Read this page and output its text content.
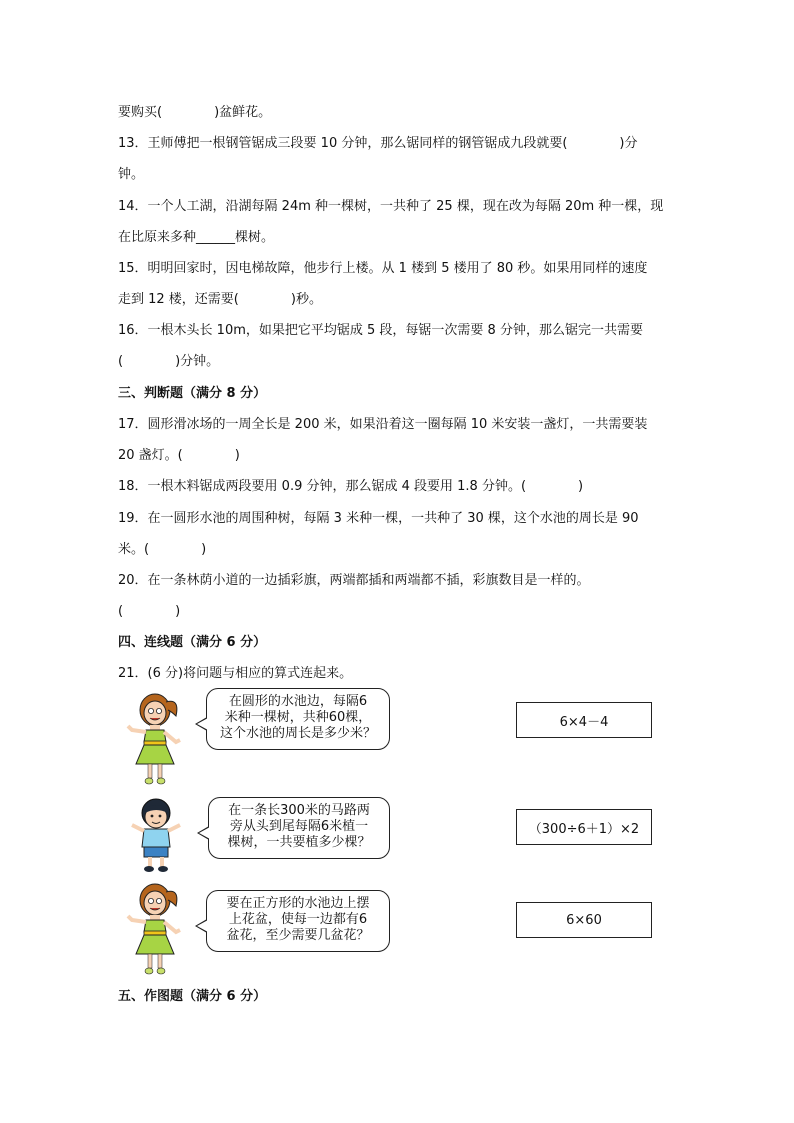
要购买(　　　　)盆鲜花。
13．王师傅把一根钢管锯成三段要 10 分钟，那么锯同样的钢管锯成九段就要(　　　　)分
钟。
14．一个人工湖，沿湖每隔 24m 种一棵树，一共种了 25 棵，现在改为每隔 20m 种一棵，现
在比原来多种______棵树。
15．明明回家时，因电梯故障，他步行上楼。从 1 楼到 5 楼用了 80 秒。如果用同样的速度
走到 12 楼，还需要(　　　　)秒。
16．一根木头长 10m，如果把它平均锯成 5 段，每锯一次需要 8 分钟，那么锯完一共需要
(　　　　)分钟。
三、判断题（满分 8 分）
17．圆形滑冰场的一周全长是 200 米，如果沿着这一圈每隔 10 米安装一盏灯，一共需要装
20 盏灯。(　　　　)
18．一根木料锯成两段要用 0.9 分钟，那么锯成 4 段要用 1.8 分钟。(　　　　)
19．在一圆形水池的周围种树，每隔 3 米种一棵，一共种了 30 棵，这个水池的周长是 90
米。(　　　　)
20．在一条林荫小道的一边插彩旗，两端都插和两端都不插，彩旗数目是一样的。
(　　　　)
四、连线题（满分 6 分）
21．(6 分)将问题与相应的算式连起来。
在圆形的水池边，每隔6
米种一棵树，共种60棵，
这个水池的周长是多少米？
在一条长300米的马路两
旁从头到尾每隔6米植一
棵树，一共要植多少棵？
要在正方形的水池边上摆
上花盆，使每一边都有6
盆花，至少需要几盆花？
6×4－4
（300÷6＋1）×2
6×60
五、作图题（满分 6 分）
